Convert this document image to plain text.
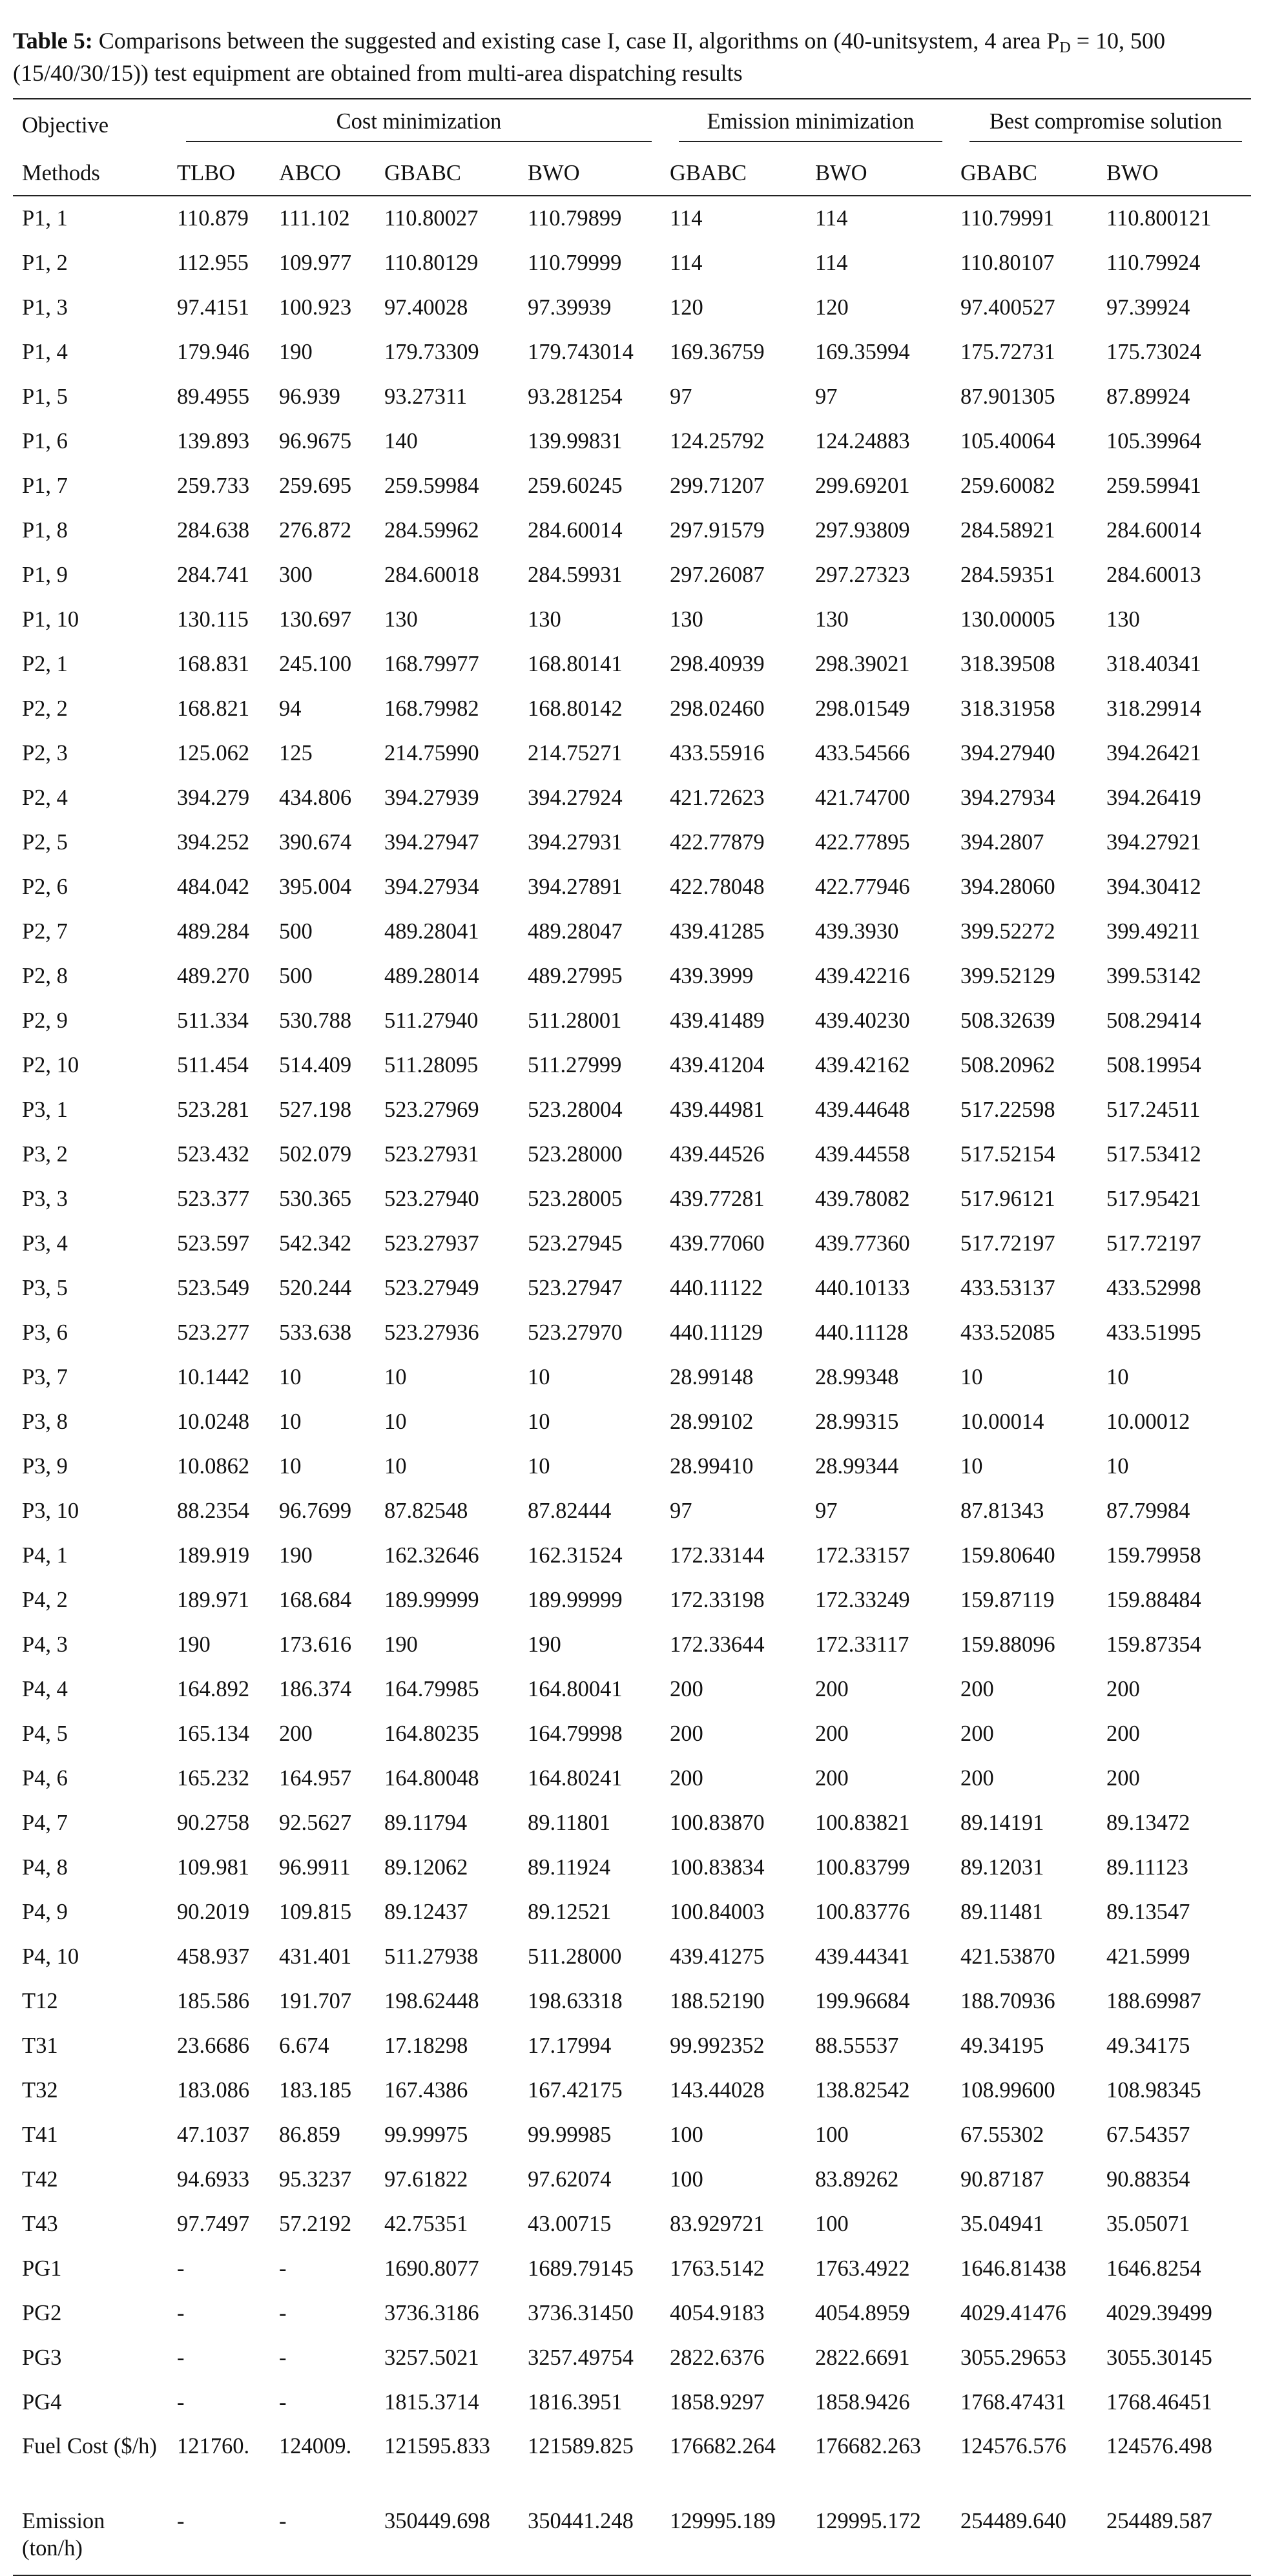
Table 5: Comparisons between the suggested and existing case I, case II, algorithms on (40-unitsystem, 4 area $P_D = 10$, 500 (15/40/30/15)) test equipment are obtained from multi-area dispatching results

Objective	Cost minimization				Emission minimization		Best compromise solution	

Methods	TLBO	ABCO	GBABC	BWO	GBABC	BWO	GBABC	BWO
P1, 1	110.879	111.102	110.80027	110.79899	114	114	110.79991	110.800121
P1, 2	112.955	109.977	110.80129	110.79999	114	114	110.80107	110.79924
P1, 3	97.4151	100.923	97.40028	97.39939	120	120	97.400527	97.39924
P1, 4	179.946	190	179.73309	179.743014	169.36759	169.35994	175.72731	175.73024
P1, 5	89.4955	96.939	93.27311	93.281254	97	97	87.901305	87.89924
P1, 6	139.893	96.9675	140	139.99831	124.25792	124.24883	105.40064	105.39964
P1, 7	259.733	259.695	259.59984	259.60245	299.71207	299.69201	259.60082	259.59941
P1, 8	284.638	276.872	284.59962	284.60014	297.91579	297.93809	284.58921	284.60014
P1, 9	284.741	300	284.60018	284.59931	297.26087	297.27323	284.59351	284.60013
P1, 10	130.115	130.697	130	130	130	130	130.00005	130
P2, 1	168.831	245.100	168.79977	168.80141	298.40939	298.39021	318.39508	318.40341
P2, 2	168.821	94	168.79982	168.80142	298.02460	298.01549	318.31958	318.29914
P2, 3	125.062	125	214.75990	214.75271	433.55916	433.54566	394.27940	394.26421
P2, 4	394.279	434.806	394.27939	394.27924	421.72623	421.74700	394.27934	394.26419
P2, 5	394.252	390.674	394.27947	394.27931	422.77879	422.77895	394.2807	394.27921
P2, 6	484.042	395.004	394.27934	394.27891	422.78048	422.77946	394.28060	394.30412
P2, 7	489.284	500	489.28041	489.28047	439.41285	439.3930	399.52272	399.49211
P2, 8	489.270	500	489.28014	489.27995	439.3999	439.42216	399.52129	399.53142
P2, 9	511.334	530.788	511.27940	511.28001	439.41489	439.40230	508.32639	508.29414
P2, 10	511.454	514.409	511.28095	511.27999	439.41204	439.42162	508.20962	508.19954
P3, 1	523.281	527.198	523.27969	523.28004	439.44981	439.44648	517.22598	517.24511
P3, 2	523.432	502.079	523.27931	523.28000	439.44526	439.44558	517.52154	517.53412
P3, 3	523.377	530.365	523.27940	523.28005	439.77281	439.78082	517.96121	517.95421
P3, 4	523.597	542.342	523.27937	523.27945	439.77060	439.77360	517.72197	517.72197
P3, 5	523.549	520.244	523.27949	523.27947	440.11122	440.10133	433.53137	433.52998
P3, 6	523.277	533.638	523.27936	523.27970	440.11129	440.11128	433.52085	433.51995
P3, 7	10.1442	10	10	10	28.99148	28.99348	10	10
P3, 8	10.0248	10	10	10	28.99102	28.99315	10.00014	10.00012
P3, 9	10.0862	10	10	10	28.99410	28.99344	10	10
P3, 10	88.2354	96.7699	87.82548	87.82444	97	97	87.81343	87.79984
P4, 1	189.919	190	162.32646	162.31524	172.33144	172.33157	159.80640	159.79958
P4, 2	189.971	168.684	189.99999	189.99999	172.33198	172.33249	159.87119	159.88484
P4, 3	190	173.616	190	190	172.33644	172.33117	159.88096	159.87354
P4, 4	164.892	186.374	164.79985	164.80041	200	200	200	200
P4, 5	165.134	200	164.80235	164.79998	200	200	200	200
P4, 6	165.232	164.957	164.80048	164.80241	200	200	200	200
P4, 7	90.2758	92.5627	89.11794	89.11801	100.83870	100.83821	89.14191	89.13472
P4, 8	109.981	96.9911	89.12062	89.11924	100.83834	100.83799	89.12031	89.11123
P4, 9	90.2019	109.815	89.12437	89.12521	100.84003	100.83776	89.11481	89.13547
P4, 10	458.937	431.401	511.27938	511.28000	439.41275	439.44341	421.53870	421.5999
T12	185.586	191.707	198.62448	198.63318	188.52190	199.96684	188.70936	188.69987
T31	23.6686	6.674	17.18298	17.17994	99.992352	88.55537	49.34195	49.34175
T32	183.086	183.185	167.4386	167.42175	143.44028	138.82542	108.99600	108.98345
T41	47.1037	86.859	99.99975	99.99985	100	100	67.55302	67.54357
T42	94.6933	95.3237	97.61822	97.62074	100	83.89262	90.87187	90.88354
T43	97.7497	57.2192	42.75351	43.00715	83.929721	100	35.04941	35.05071
PG1	-	-	1690.8077	1689.79145	1763.5142	1763.4922	1646.81438	1646.8254
PG2	-	-	3736.3186	3736.31450	4054.9183	4054.8959	4029.41476	4029.39499
PG3	-	-	3257.5021	3257.49754	2822.6376	2822.6691	3055.29653	3055.30145
PG4	-	-	1815.3714	1816.3951	1858.9297	1858.9426	1768.47431	1768.46451
Fuel Cost ($/h)	121760.	124009.	121595.833	121589.825	176682.264	176682.263	124576.576	124576.498
Emission (ton/h)	-	-	350449.698	350441.248	129995.189	129995.172	254489.640	254489.587
